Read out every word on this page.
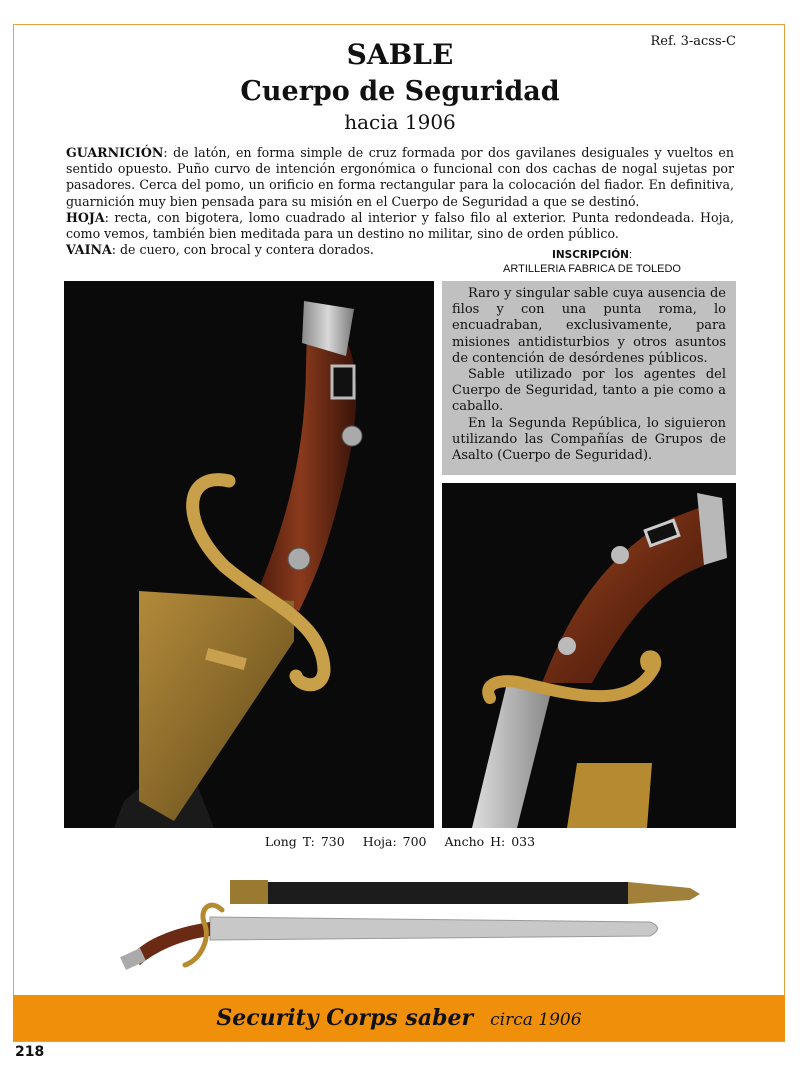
Ref. 3-acss-C
SABLE
Cuerpo de Seguridad
hacia 1906

GUARNICIÓN: de latón, en forma simple de cruz formada por dos gavilanes desiguales y vueltos en sentido opuesto. Puño curvo de intención ergonómica o funcional con dos cachas de nogal sujetas por pasadores. Cerca del pomo, un orificio en forma rectangular para la colocación del fiador. En definitiva, guarnición muy bien pensada para su misión en el Cuerpo de Seguridad a que se destinó.

HOJA: recta, con bigotera, lomo cuadrado al interior y falso filo al exterior. Punta redondeada. Hoja, como vemos, también bien meditada para un destino no militar, sino de orden público.

VAINA: de cuero, con brocal y contera dorados.	INSCRIPCIÓN:
ARTILLERIA FABRICA DE TOLEDO

Raro y singular sable cuya ausencia de filos y con una punta roma, lo encuadraban, exclusivamente, para misiones antidisturbios y otros asuntos de contención de desórdenes públicos.

Sable utilizado por los agentes del Cuerpo de Seguridad, tanto a pie como a caballo.

En la Segunda República, lo siguieron utilizando las Compañías de Grupos de Asalto (Cuerpo de Seguridad).

Long T: 730 Hoja: 700 Ancho H: 033
Security Corps saber circa 1906
218
